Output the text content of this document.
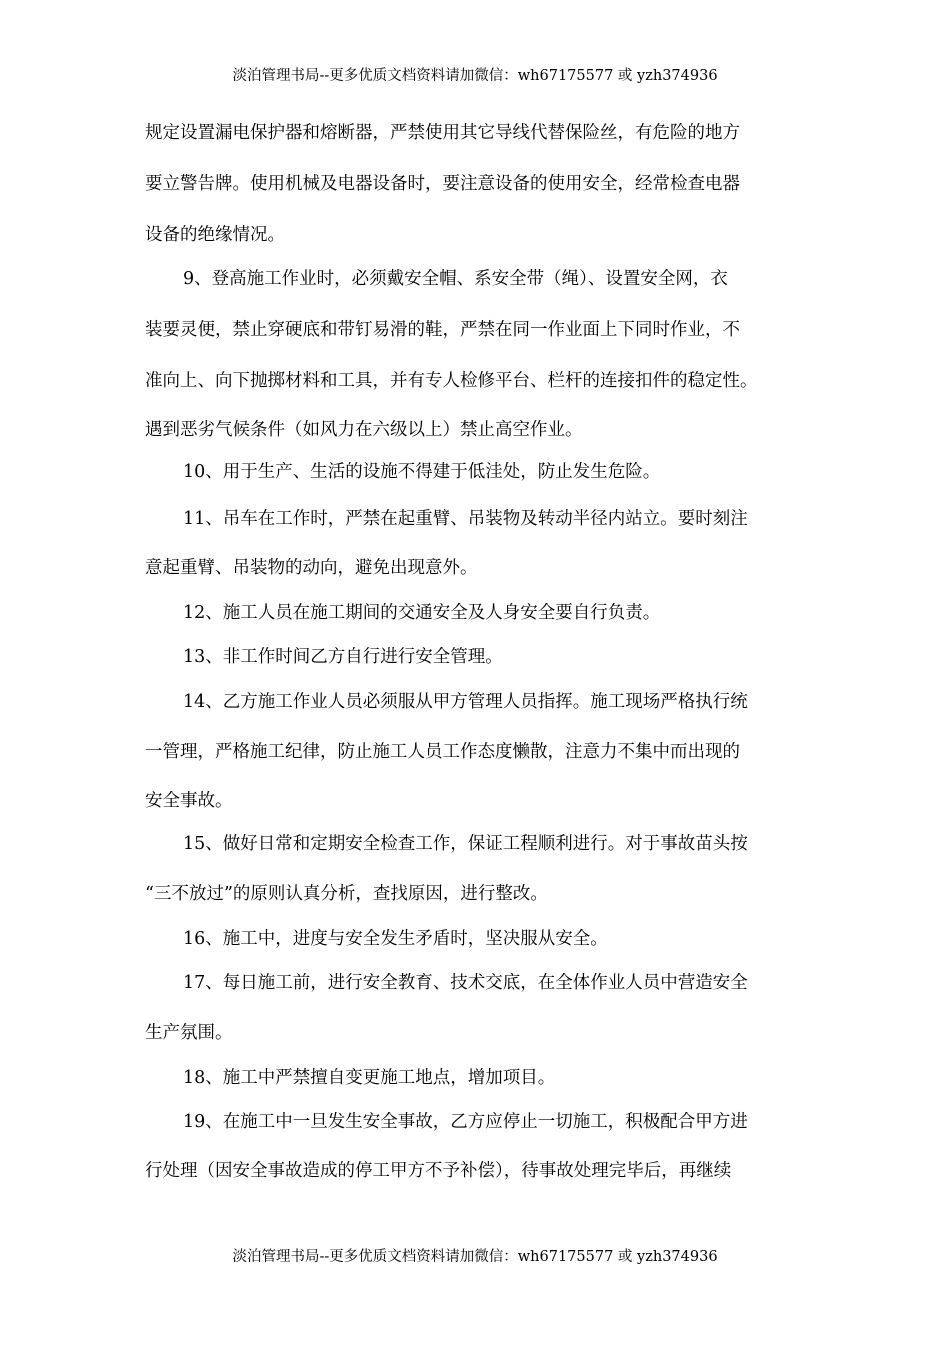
淡泊管理书局--更多优质文档资料请加微信：wh67175577 或 yzh374936
规定设置漏电保护器和熔断器，严禁使用其它导线代替保险丝，有危险的地方
要立警告牌。使用机械及电器设备时，要注意设备的使用安全，经常检查电器
设备的绝缘情况。
9、登高施工作业时，必须戴安全帽、系安全带（绳）、设置安全网，衣
装要灵便，禁止穿硬底和带钉易滑的鞋，严禁在同一作业面上下同时作业，不
准向上、向下抛掷材料和工具，并有专人检修平台、栏杆的连接扣件的稳定性。
遇到恶劣气候条件（如风力在六级以上）禁止高空作业。
10、用于生产、生活的设施不得建于低洼处，防止发生危险。
11、吊车在工作时，严禁在起重臂、吊装物及转动半径内站立。要时刻注
意起重臂、吊装物的动向，避免出现意外。
12、施工人员在施工期间的交通安全及人身安全要自行负责。
13、非工作时间乙方自行进行安全管理。
14、乙方施工作业人员必须服从甲方管理人员指挥。施工现场严格执行统
一管理，严格施工纪律，防止施工人员工作态度懒散，注意力不集中而出现的
安全事故。
15、做好日常和定期安全检查工作，保证工程顺利进行。对于事故苗头按
“三不放过”的原则认真分析，查找原因，进行整改。
16、施工中，进度与安全发生矛盾时，坚决服从安全。
17、每日施工前，进行安全教育、技术交底，在全体作业人员中营造安全
生产氛围。
18、施工中严禁擅自变更施工地点，增加项目。
19、在施工中一旦发生安全事故，乙方应停止一切施工，积极配合甲方进
行处理（因安全事故造成的停工甲方不予补偿），待事故处理完毕后，再继续
淡泊管理书局--更多优质文档资料请加微信：wh67175577 或 yzh374936
